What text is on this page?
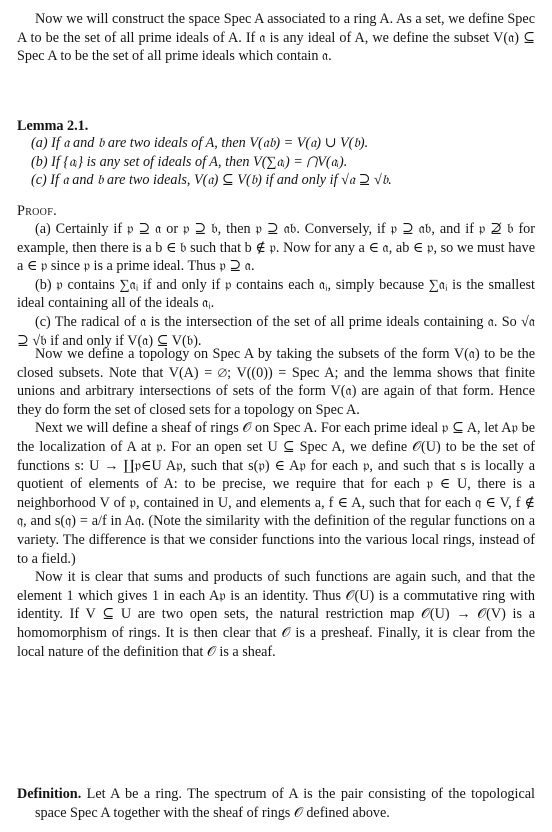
Now we will construct the space Spec A associated to a ring A. As a set, we define Spec A to be the set of all prime ideals of A. If 𝔞 is any ideal of A, we define the subset V(𝔞) ⊆ Spec A to be the set of all prime ideals which contain 𝔞.

Lemma 2.1.

(a) If 𝔞 and 𝔟 are two ideals of A, then V(𝔞𝔟) = V(𝔞) ∪ V(𝔟).

(b) If {𝔞ᵢ} is any set of ideals of A, then V(∑𝔞ᵢ) = ⋂V(𝔞ᵢ).

(c) If 𝔞 and 𝔟 are two ideals, V(𝔞) ⊆ V(𝔟) if and only if √𝔞 ⊇ √𝔟.

Proof.

(a) Certainly if 𝔭 ⊇ 𝔞 or 𝔭 ⊇ 𝔟, then 𝔭 ⊇ 𝔞𝔟. Conversely, if 𝔭 ⊇ 𝔞𝔟, and if 𝔭 ⊉ 𝔟 for example, then there is a b ∈ 𝔟 such that b ∉ 𝔭. Now for any a ∈ 𝔞, ab ∈ 𝔭, so we must have a ∈ 𝔭 since 𝔭 is a prime ideal. Thus 𝔭 ⊇ 𝔞.

(b) 𝔭 contains ∑𝔞ᵢ if and only if 𝔭 contains each 𝔞ᵢ, simply because ∑𝔞ᵢ is the smallest ideal containing all of the ideals 𝔞ᵢ.

(c) The radical of 𝔞 is the intersection of the set of all prime ideals containing 𝔞. So √𝔞 ⊇ √𝔟 if and only if V(𝔞) ⊆ V(𝔟).

Now we define a topology on Spec A by taking the subsets of the form V(𝔞) to be the closed subsets. Note that V(A) = ∅; V((0)) = Spec A; and the lemma shows that finite unions and arbitrary intersections of sets of the form V(𝔞) are again of that form. Hence they do form the set of closed sets for a topology on Spec A.

Next we will define a sheaf of rings 𝒪 on Spec A. For each prime ideal 𝔭 ⊆ A, let A𝔭 be the localization of A at 𝔭. For an open set U ⊆ Spec A, we define 𝒪(U) to be the set of functions s: U → ∐𝔭∈U A𝔭, such that s(𝔭) ∈ A𝔭 for each 𝔭, and such that s is locally a quotient of elements of A: to be precise, we require that for each 𝔭 ∈ U, there is a neighborhood V of 𝔭, contained in U, and elements a, f ∈ A, such that for each 𝔮 ∈ V, f ∉ 𝔮, and s(𝔮) = a/f in A𝔮. (Note the similarity with the definition of the regular functions on a variety. The difference is that we consider functions into the various local rings, instead of to a field.)

Now it is clear that sums and products of such functions are again such, and that the element 1 which gives 1 in each A𝔭 is an identity. Thus 𝒪(U) is a commutative ring with identity. If V ⊆ U are two open sets, the natural restriction map 𝒪(U) → 𝒪(V) is a homomorphism of rings. It is then clear that 𝒪 is a presheaf. Finally, it is clear from the local nature of the definition that 𝒪 is a sheaf.

Definition. Let A be a ring. The spectrum of A is the pair consisting of the topological space Spec A together with the sheaf of rings 𝒪 defined above.
